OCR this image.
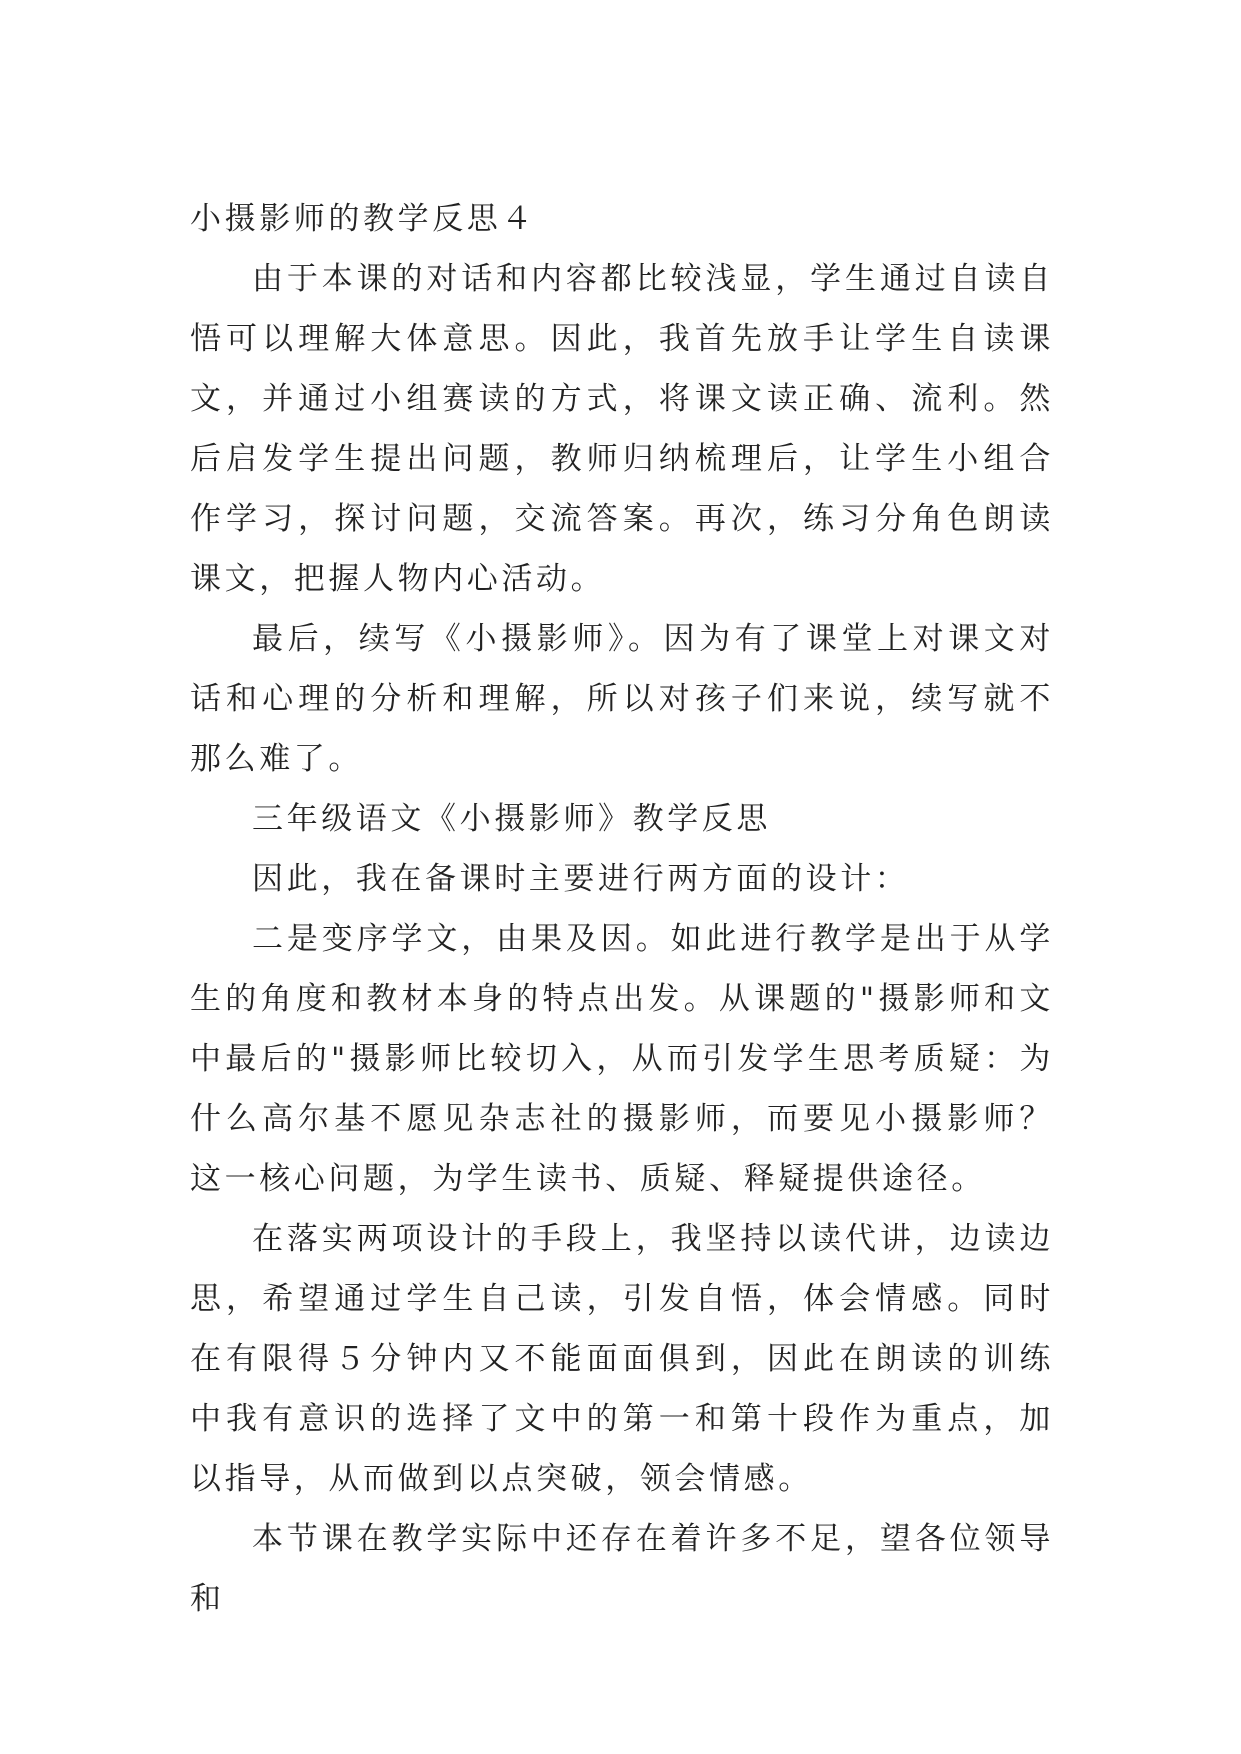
小摄影师的教学反思４

由于本课的对话和内容都比较浅显，学生通过自读自悟可以理解大体意思。因此，我首先放手让学生自读课文，并通过小组赛读的方式，将课文读正确、流利。然后启发学生提出问题，教师归纳梳理后，让学生小组合作学习，探讨问题，交流答案。再次，练习分角色朗读课文，把握人物内心活动。

最后，续写《小摄影师》。因为有了课堂上对课文对话和心理的分析和理解，所以对孩子们来说，续写就不那么难了。

三年级语文《小摄影师》教学反思

因此，我在备课时主要进行两方面的设计：

二是变序学文，由果及因。如此进行教学是出于从学生的角度和教材本身的特点出发。从课题的"摄影师和文中最后的"摄影师比较切入，从而引发学生思考质疑：为什么高尔基不愿见杂志社的摄影师，而要见小摄影师？这一核心问题，为学生读书、质疑、释疑提供途径。

在落实两项设计的手段上，我坚持以读代讲，边读边思，希望通过学生自己读，引发自悟，体会情感。同时在有限得５分钟内又不能面面俱到，因此在朗读的训练中我有意识的选择了文中的第一和第十段作为重点，加以指导，从而做到以点突破，领会情感。

本节课在教学实际中还存在着许多不足，望各位领导和
